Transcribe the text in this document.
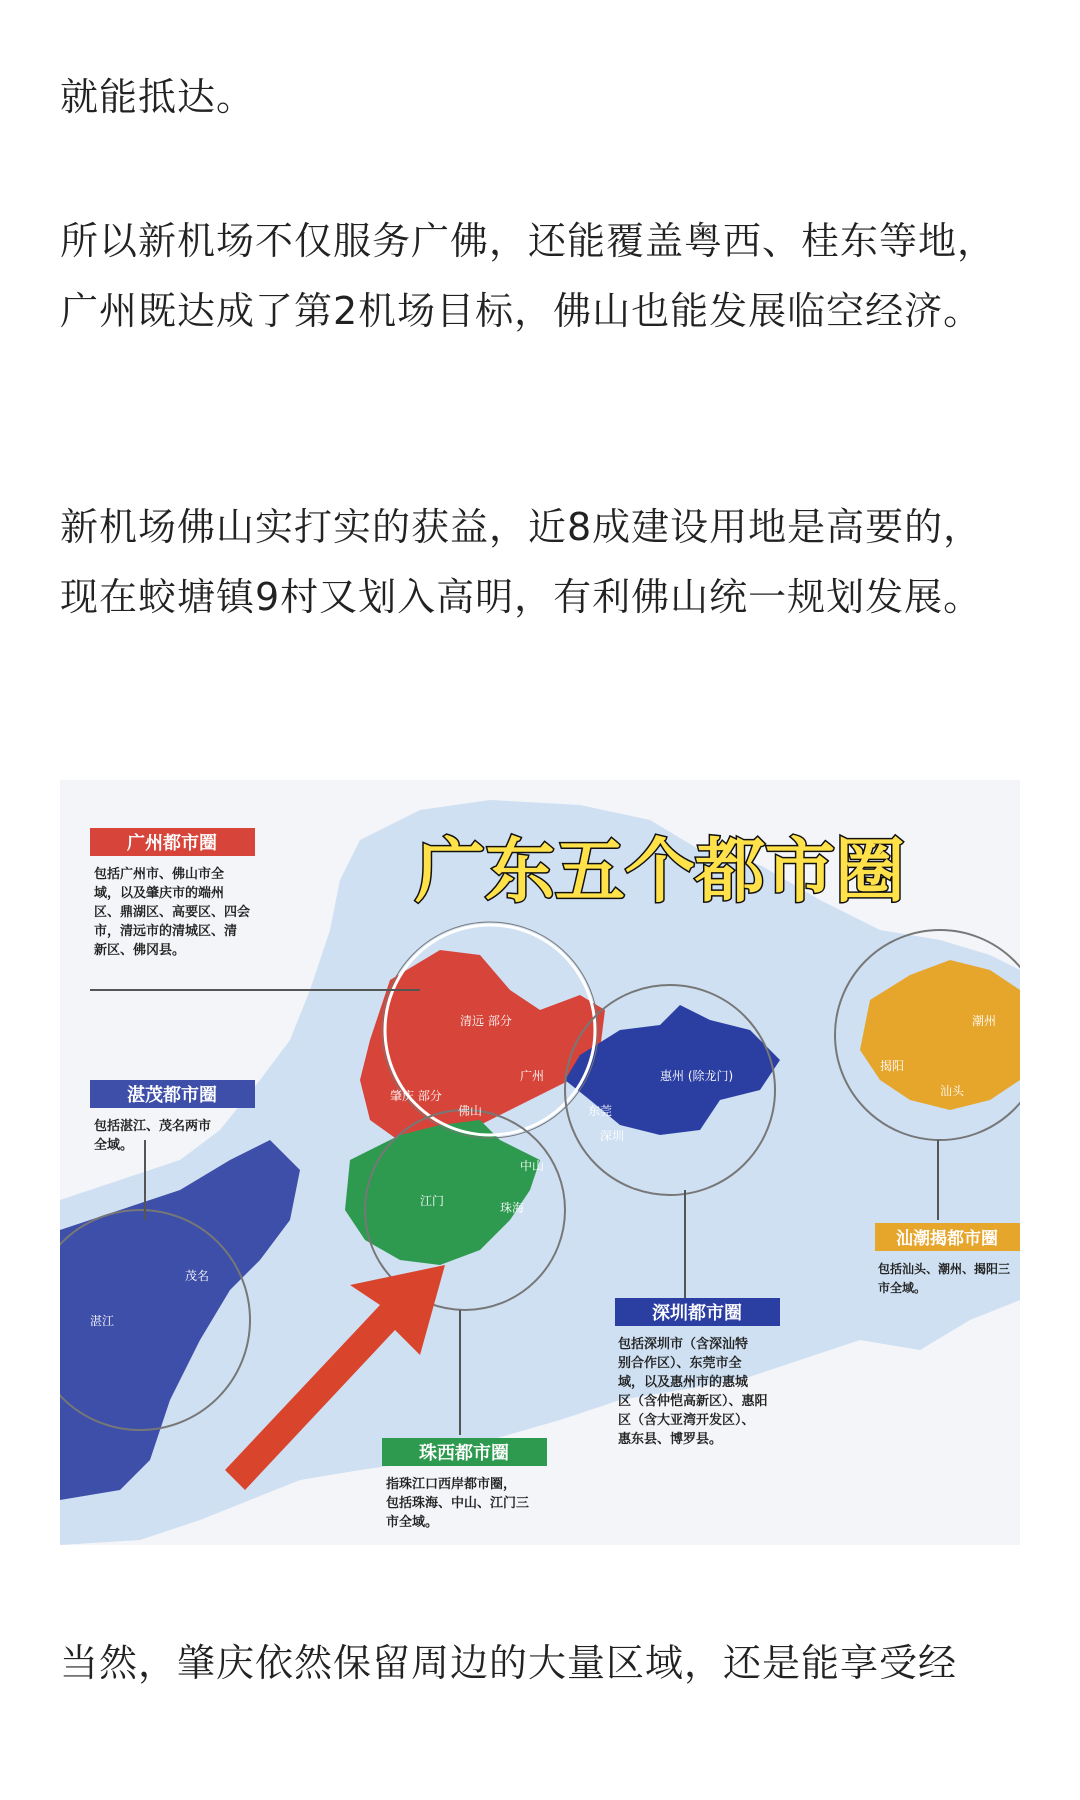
就能抵达。

所以新机场不仅服务广佛，还能覆盖粤西、桂东等地，广州既达成了第2机场目标，佛山也能发展临空经济。

新机场佛山实打实的获益，近8成建设用地是高要的，现在蛟塘镇9村又划入高明，有利佛山统一规划发展。

广东五个都市圈
广州都市圈
包括广州市、佛山市全
域，以及肇庆市的端州
区、鼎湖区、高要区、四会
市，清远市的清城区、清
新区、佛冈县。
湛茂都市圈
包括湛江、茂名两市
全域。
汕潮揭都市圈
包括汕头、潮州、揭阳三
市全域。
深圳都市圈
包括深圳市（含深汕特
别合作区）、东莞市全
域，以及惠州市的惠城
区（含仲恺高新区）、惠阳
区（含大亚湾开发区）、
惠东县、博罗县。
珠西都市圈
指珠江口西岸都市圈，
包括珠海、中山、江门三
市全域。
清远 部分
广州
肇庆 部分
佛山
惠州 (除龙门)
东莞
深圳
中山
江门	珠海
茂名
湛江
潮州
揭阳
汕头

当然，肇庆依然保留周边的大量区域，还是能享受经
